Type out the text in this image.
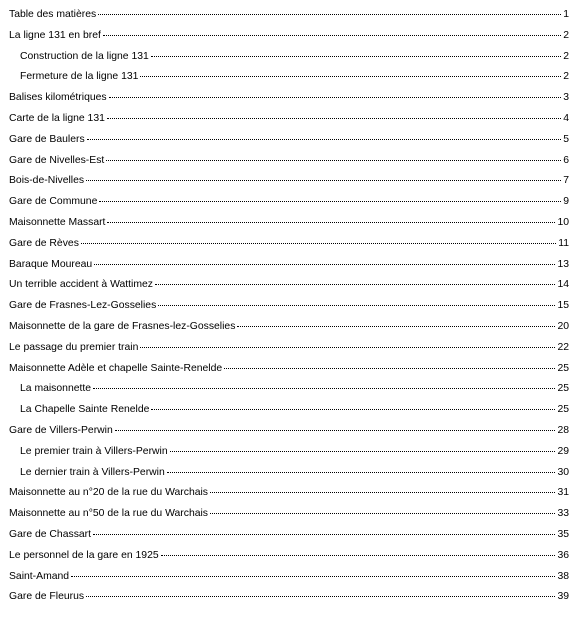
Table des matières	1
La ligne 131 en bref	2
Construction de la ligne 131	2
Fermeture de la ligne 131	2
Balises kilométriques	3
Carte de la ligne 131	4
Gare de Baulers	5
Gare de Nivelles-Est	6
Bois-de-Nivelles	7
Gare de Commune	9
Maisonnette Massart	10
Gare de Rèves	11
Baraque Moureau	13
Un terrible accident à Wattimez	14
Gare de Frasnes-Lez-Gosselies	15
Maisonnette de la gare de Frasnes-lez-Gosselies	20
Le passage du premier train	22
Maisonnette Adèle et chapelle Sainte-Renelde	25
La maisonnette	25
La Chapelle Sainte Renelde	25
Gare de Villers-Perwin	28
Le premier train à Villers-Perwin	29
Le dernier train à Villers-Perwin	30
Maisonnette au n°20 de la rue du Warchais	31
Maisonnette au n°50 de la rue du Warchais	33
Gare de Chassart	35
Le personnel de la gare en 1925	36
Saint-Amand	38
Gare de Fleurus	39
